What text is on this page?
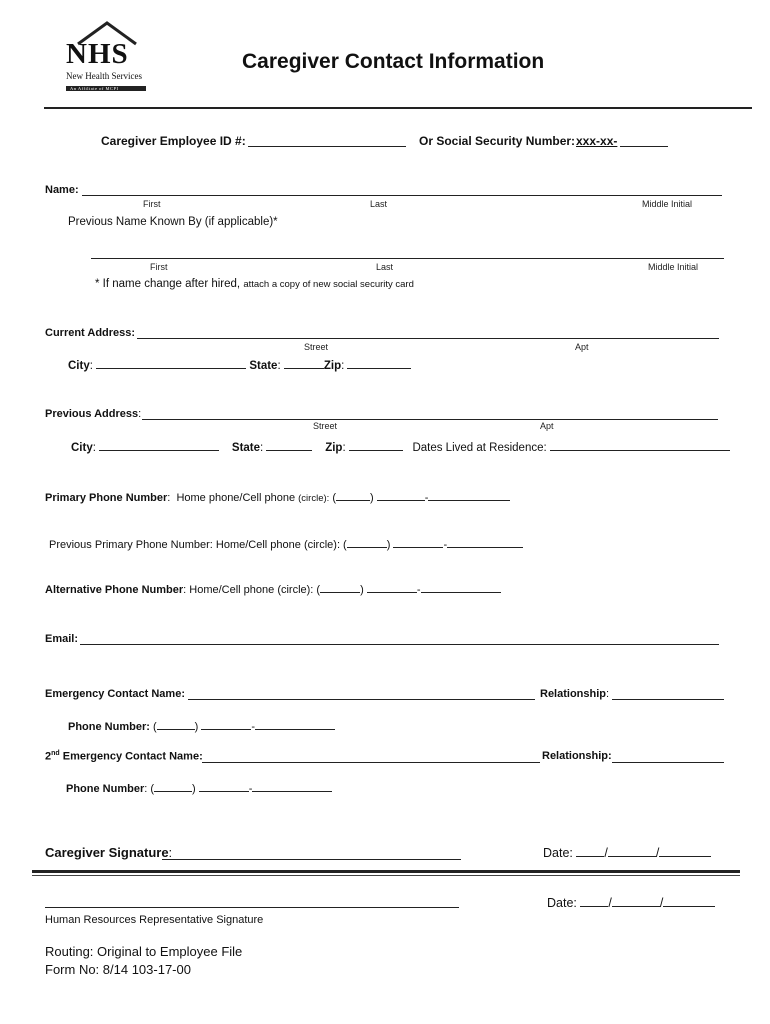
NHS
New Health Services
An Affiliate of MCPI
Caregiver Contact Information
Caregiver Employee ID #:	Or Social Security Number: xxx-xx-
Name:
First	Last	Middle Initial
Previous Name Known By (if applicable)*
First	Last	Middle Initial
* If name change after hired, attach a copy of new social security card
Current Address:
Street	Apt
City:	State:	Zip:
Previous Address:
Street	Apt
City:	State:	Zip:	Dates Lived at Residence:
Primary Phone Number:  Home phone/Cell phone (circle): (	)	-
Previous Primary Phone Number: Home/Cell phone (circle): (	)	-
Alternative Phone Number: Home/Cell phone (circle): (	)	-
Email:
Emergency Contact Name:	Relationship:
Phone Number: (	)	-
2nd Emergency Contact Name:	Relationship:
Phone Number: (	)	-
Caregiver Signature:	Date:	/	/
Human Resources Representative Signature
Date:	/	/
Routing: Original to Employee File
Form No: 8/14 103-17-00
